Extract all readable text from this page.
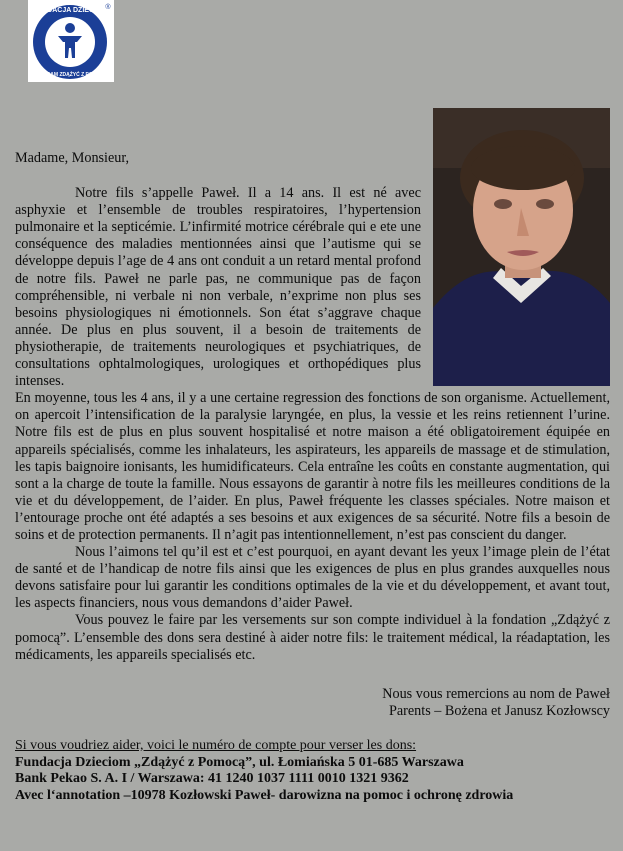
FUNDACJA DZIECIOM
PROGRAM ZDĄŻYĆ Z POMOCĄ
®

Madame, Monsieur,

Notre fils s’appelle Paweł. Il a 14 ans. Il est né avec asphyxie et l’ensemble de troubles respiratoires, l’hypertension pulmonaire et la septicémie. L’infirmité motrice cérébrale qui e ete une conséquence des maladies mentionnées ainsi que l’autisme qui se développe depuis l’age de 4 ans ont conduit a un retard mental profond de notre fils. Paweł ne parle pas, ne communique pas de façon compréhensible, ni verbale ni non verbale, n’exprime non plus ses besoins physiologiques ni émotionnels. Son état s’aggrave chaque année. De plus en plus souvent, il a besoin de traitements de physiotherapie, de traitements neurologiques et psychiatriques, de consultations ophtalmologiques, urologiques et orthopédiques plus intenses.

En moyenne, tous les 4 ans, il y a une certaine regression des fonctions de son organisme. Actuellement, on apercoit l’intensification de la paralysie laryngée, en plus, la vessie et les reins retiennent l’urine. Notre fils est de plus en plus souvent hospitalisé et notre maison a été obligatoirement équipée en appareils spécialisés, comme les inhalateurs, les aspirateurs, les appareils de massage et de stimulation, les tapis baignoire ionisants, les humidificateurs. Cela entraîne les coûts en constante augmentation, qui sont a la charge de toute la famille. Nous essayons de garantir à notre fils les meilleures conditions de la vie et du développement, de l’aider. En plus, Paweł fréquente les classes spéciales. Notre maison et l’entourage proche ont été adaptés a ses besoins et aux exigences de sa sécurité. Notre fils a besoin de soins et de protection permanents. Il n’agit pas intentionnellement, n’est pas conscient du danger.

Nous l’aimons tel qu’il est et c’est pourquoi, en ayant devant les yeux l’image plein de l’état de santé et de l’handicap de notre fils ainsi que les exigences de plus en plus grandes auxquelles nous devons satisfaire pour lui garantir les conditions optimales de la vie et du développement, et avant tout, les aspects financiers, nous vous demandons d’aider Paweł.

Vous pouvez le faire par les versements sur son compte individuel à la fondation „Zdążyć z pomocą”. L’ensemble des dons sera destiné à aider notre fils: le traitement médical, la réadaptation, les médicaments, les appareils specialisés etc.

Nous vous remercions au nom de Paweł
Parents – Bożena et Janusz Kozłowscy
Si vous voudriez aider, voici le numéro de compte pour verser les dons:
Fundacja Dzieciom „Zdążyć z Pomocą”, ul. Łomiańska 5 01-685 Warszawa
Bank Pekao S. A. I / Warszawa: 41 1240 1037 1111 0010 1321 9362
Avec l‘annotation –10978 Kozłowski Paweł- darowizna na pomoc i ochronę zdrowia
